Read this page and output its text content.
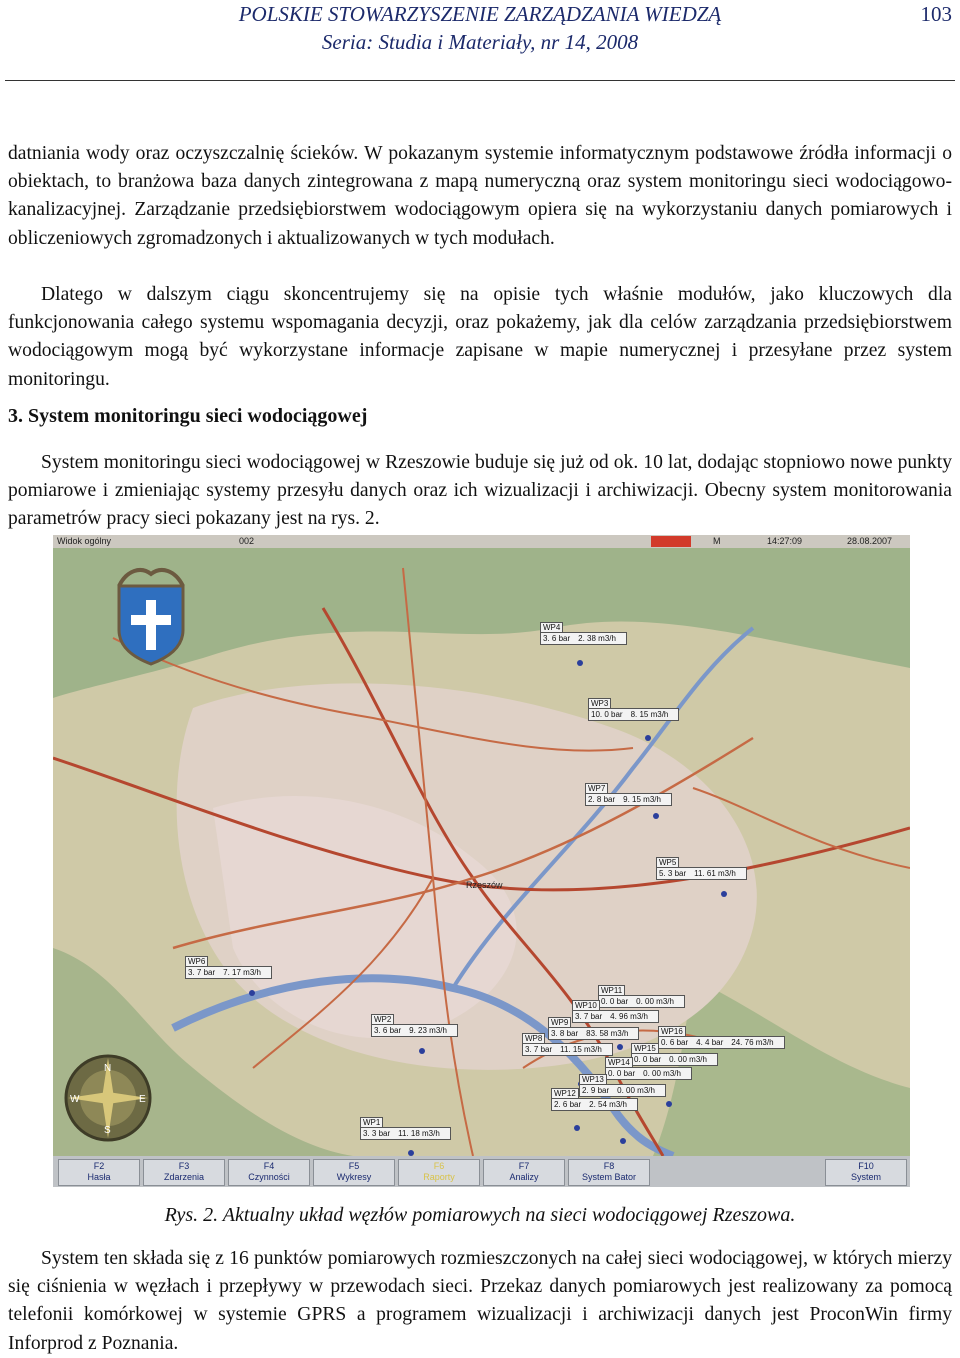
POLSKIE STOWARZYSZENIE ZARZĄDZANIA WIEDZĄ
Seria: Studia i Materiały, nr 14, 2008
103
datniania wody oraz oczyszczalnię ścieków. W pokazanym systemie informatycznym podstawowe źródła informacji o obiektach, to branżowa baza danych zintegrowana z mapą numeryczną oraz system monitoringu sieci wodociągowo-kanalizacyjnej. Zarządzanie przedsiębiorstwem wodociągowym opiera się na wykorzystaniu danych pomiarowych i obliczeniowych zgromadzonych i aktualizowanych w tych modułach.
Dlatego w dalszym ciągu skoncentrujemy się na opisie tych właśnie modułów, jako kluczowych dla funkcjonowania całego systemu wspomagania decyzji, oraz pokażemy, jak dla celów zarządzania przedsiębiorstwem wodociągowym mogą być wykorzystane informacje zapisane w mapie numerycznej i przesyłane przez system monitoringu.
3. System monitoringu sieci wodociągowej
System monitoringu sieci wodociągowej w Rzeszowie buduje się już od ok. 10 lat, dodając stopniowo nowe punkty pomiarowe i zmieniając systemy przesyłu danych oraz ich wizualizacji i archiwizacji. Obecny system monitorowania parametrów pracy sieci pokazany jest na rys. 2.
Widok ogólny	002	M	14:27:09	28.08.2007
N
E
S
W
Rzeszów
WP4
3. 6 bar 2. 38 m3/h
WP3
10. 0 bar 8. 15 m3/h
WP7
2. 8 bar 9. 15 m3/h
WP5
5. 3 bar 11. 61 m3/h
WP6
3. 7 bar 7. 17 m3/h
WP11
0. 0 bar 0. 00 m3/h
WP10
3. 7 bar 4. 96 m3/h
WP2
3. 6 bar 9. 23 m3/h
WP9
3. 8 bar 83. 58 m3/h	WP16
0. 6 bar 4. 4 bar 24. 76 m3/h
WP8
3. 7 bar 11. 15 m3/h	WP15
0. 0 bar 0. 00 m3/h
WP14
0. 0 bar 0. 00 m3/h
WP13
2. 9 bar 0. 00 m3/h
WP12
2. 6 bar 2. 54 m3/h
WP1
3. 3 bar 11. 18 m3/h
F2
Hasła
F3
Zdarzenia
F4
Czynności
F5
Wykresy
F6
Raporty
F7
Analizy
F8
System Bator
F10
System
Rys. 2. Aktualny układ węzłów pomiarowych na sieci wodociągowej Rzeszowa.
System ten składa się z 16 punktów pomiarowych rozmieszczonych na całej sieci wodociągowej, w których mierzy się ciśnienia w węzłach i przepływy w przewodach sieci. Przekaz danych pomiarowych jest realizowany za pomocą telefonii komórkowej w systemie GPRS a programem wizualizacji i archiwizacji danych jest ProconWin firmy Inforprod z Poznania.
